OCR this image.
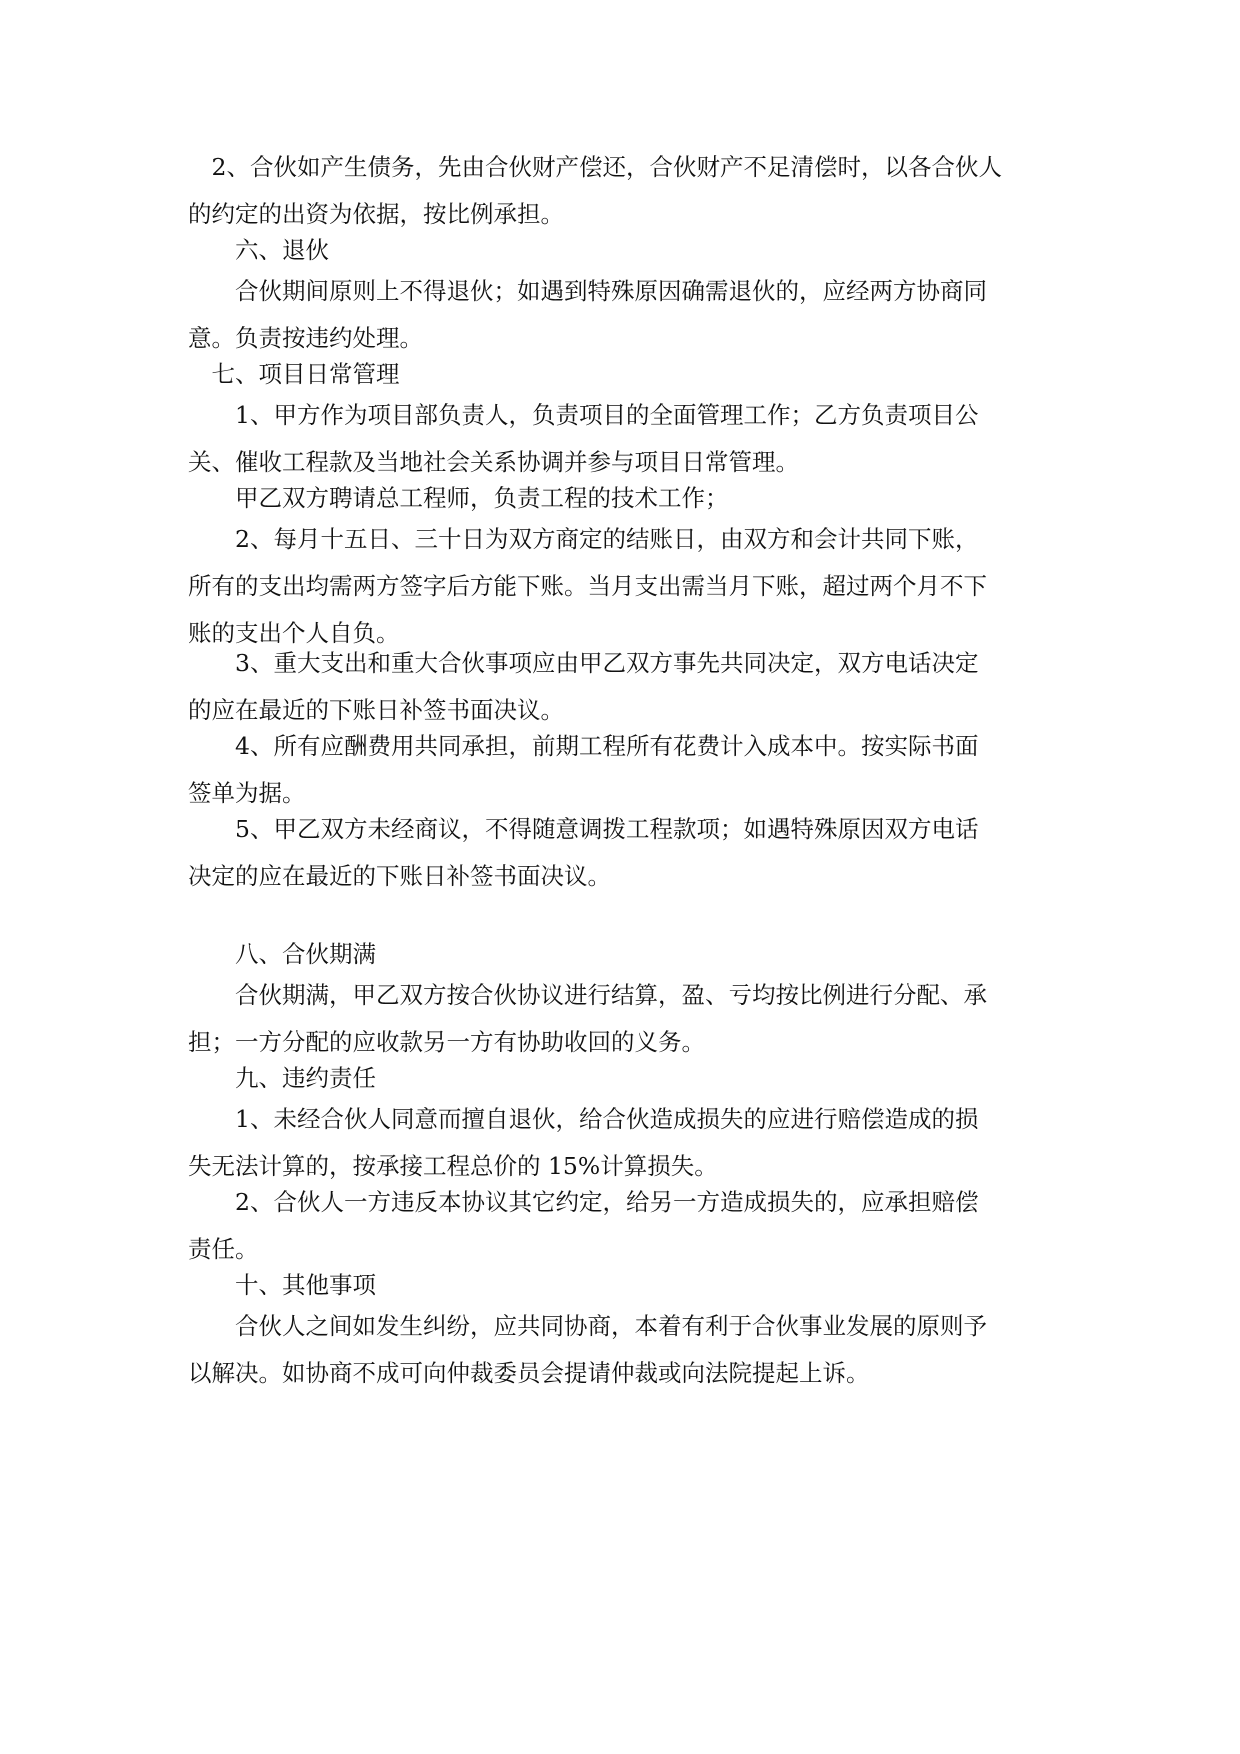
　2、合伙如产生债务，先由合伙财产偿还，合伙财产不足清偿时，以各合伙人
的约定的出资为依据，按比例承担。
　　六、退伙
　　合伙期间原则上不得退伙；如遇到特殊原因确需退伙的，应经两方协商同
意。负责按违约处理。
　七、项目日常管理
　　1、甲方作为项目部负责人，负责项目的全面管理工作；乙方负责项目公
关、催收工程款及当地社会关系协调并参与项目日常管理。
　　甲乙双方聘请总工程师，负责工程的技术工作；
　　2、每月十五日、三十日为双方商定的结账日，由双方和会计共同下账，
所有的支出均需两方签字后方能下账。当月支出需当月下账，超过两个月不下
账的支出个人自负。
　　3、重大支出和重大合伙事项应由甲乙双方事先共同决定，双方电话决定
的应在最近的下账日补签书面决议。
　　4、所有应酬费用共同承担，前期工程所有花费计入成本中。按实际书面
签单为据。
　　5、甲乙双方未经商议，不得随意调拨工程款项；如遇特殊原因双方电话
决定的应在最近的下账日补签书面决议。
　　八、合伙期满
　　合伙期满，甲乙双方按合伙协议进行结算，盈、亏均按比例进行分配、承
担；一方分配的应收款另一方有协助收回的义务。
　　九、违约责任
　　1、未经合伙人同意而擅自退伙，给合伙造成损失的应进行赔偿造成的损
失无法计算的，按承接工程总价的 15%计算损失。
　　2、合伙人一方违反本协议其它约定，给另一方造成损失的，应承担赔偿
责任。
　　十、其他事项
　　合伙人之间如发生纠纷，应共同协商，本着有利于合伙事业发展的原则予
以解决。如协商不成可向仲裁委员会提请仲裁或向法院提起上诉。
